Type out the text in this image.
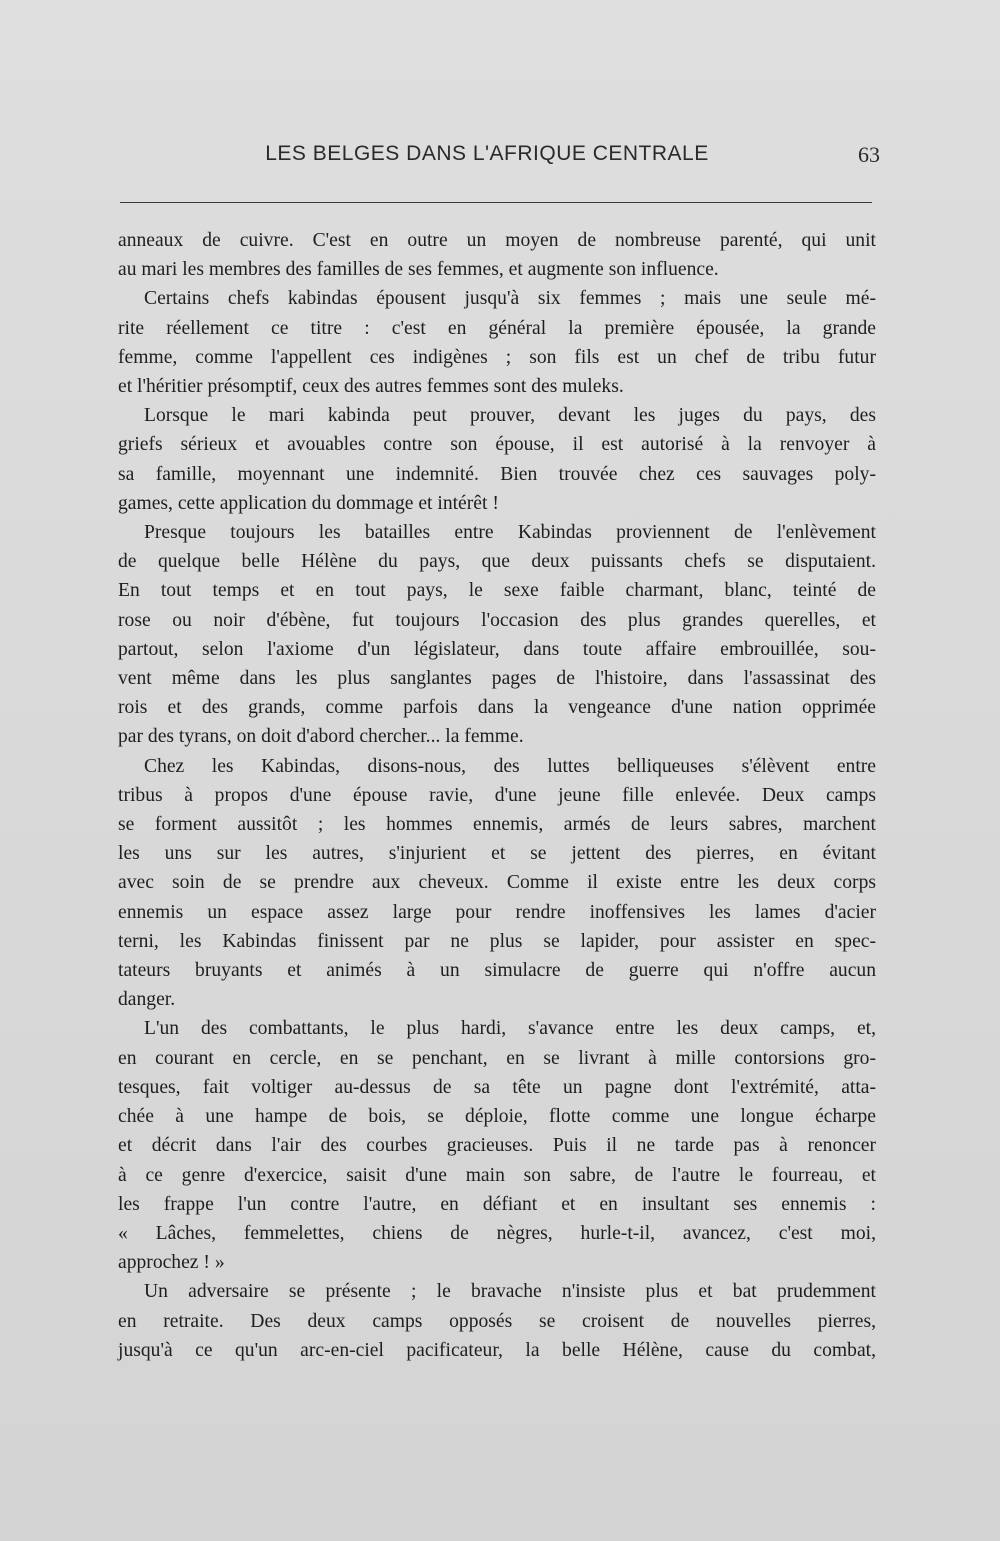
LES BELGES DANS L'AFRIQUE CENTRALE	63
anneaux de cuivre. C'est en outre un moyen de nombreuse parenté, qui unit
au mari les membres des familles de ses femmes, et augmente son influence.
Certains chefs kabindas épousent jusqu'à six femmes ; mais une seule mé-
rite réellement ce titre : c'est en général la première épousée, la grande
femme, comme l'appellent ces indigènes ; son fils est un chef de tribu futur
et l'héritier présomptif, ceux des autres femmes sont des muleks.
Lorsque le mari kabinda peut prouver, devant les juges du pays, des
griefs sérieux et avouables contre son épouse, il est autorisé à la renvoyer à
sa famille, moyennant une indemnité. Bien trouvée chez ces sauvages poly-
games, cette application du dommage et intérêt !
Presque toujours les batailles entre Kabindas proviennent de l'enlèvement
de quelque belle Hélène du pays, que deux puissants chefs se disputaient.
En tout temps et en tout pays, le sexe faible charmant, blanc, teinté de
rose ou noir d'ébène, fut toujours l'occasion des plus grandes querelles, et
partout, selon l'axiome d'un législateur, dans toute affaire embrouillée, sou-
vent même dans les plus sanglantes pages de l'histoire, dans l'assassinat des
rois et des grands, comme parfois dans la vengeance d'une nation opprimée
par des tyrans, on doit d'abord chercher... la femme.
Chez les Kabindas, disons-nous, des luttes belliqueuses s'élèvent entre
tribus à propos d'une épouse ravie, d'une jeune fille enlevée. Deux camps
se forment aussitôt ; les hommes ennemis, armés de leurs sabres, marchent
les uns sur les autres, s'injurient et se jettent des pierres, en évitant
avec soin de se prendre aux cheveux. Comme il existe entre les deux corps
ennemis un espace assez large pour rendre inoffensives les lames d'acier
terni, les Kabindas finissent par ne plus se lapider, pour assister en spec-
tateurs bruyants et animés à un simulacre de guerre qui n'offre aucun
danger.
L'un des combattants, le plus hardi, s'avance entre les deux camps, et,
en courant en cercle, en se penchant, en se livrant à mille contorsions gro-
tesques, fait voltiger au-dessus de sa tête un pagne dont l'extrémité, atta-
chée à une hampe de bois, se déploie, flotte comme une longue écharpe
et décrit dans l'air des courbes gracieuses. Puis il ne tarde pas à renoncer
à ce genre d'exercice, saisit d'une main son sabre, de l'autre le fourreau, et
les frappe l'un contre l'autre, en défiant et en insultant ses ennemis :
« Lâches, femmelettes, chiens de nègres, hurle-t-il, avancez, c'est moi,
approchez ! »
Un adversaire se présente ; le bravache n'insiste plus et bat prudemment
en retraite. Des deux camps opposés se croisent de nouvelles pierres,
jusqu'à ce qu'un arc-en-ciel pacificateur, la belle Hélène, cause du combat,
